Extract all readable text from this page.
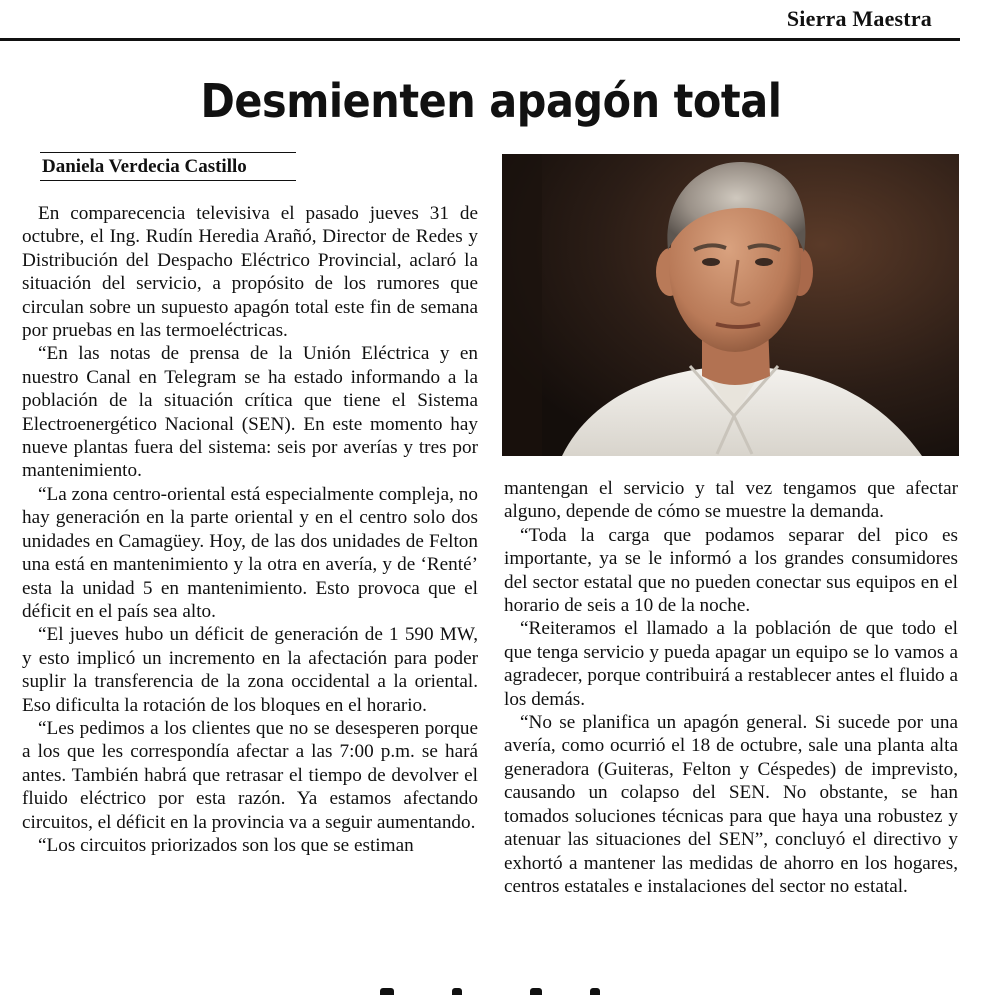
Sierra Maestra
Desmienten apagón total
Daniela Verdecia Castillo

En comparecencia televisiva el pasado jueves 31 de octubre, el Ing. Rudín Heredia Arañó, Director de Redes y Distribución del Despacho Eléctrico Provincial, aclaró la situación del servicio, a propósito de los rumores que circulan sobre un supuesto apagón total este fin de semana por pruebas en las termoeléctricas.

“En las notas de prensa de la Unión Eléctrica y en nuestro Canal en Telegram se ha estado informando a la población de la situación crítica que tiene el Sistema Electroenergético Nacional (SEN). En este momento hay nueve plantas fuera del sistema: seis por averías y tres por mantenimiento.

“La zona centro-oriental está especialmente compleja, no hay generación en la parte oriental y en el centro solo dos unidades en Camagüey. Hoy, de las dos unidades de Felton una está en mantenimiento y la otra en avería, y de ‘Renté’ esta la unidad 5 en mantenimiento. Esto provoca que el déficit en el país sea alto.

“El jueves hubo un déficit de generación de 1 590 MW, y esto implicó un incremento en la afectación para poder suplir la transferencia de la zona occidental a la oriental. Eso dificulta la rotación de los bloques en el horario.

“Les pedimos a los clientes que no se desesperen porque a los que les correspondía afectar a las 7:00 p.m. se hará antes. También habrá que retrasar el tiempo de devolver el fluido eléctrico por esta razón. Ya estamos afectando circuitos, el déficit en la provincia va a seguir aumentando.

“Los circuitos priorizados son los que se estiman

mantengan el servicio y tal vez tengamos que afectar alguno, depende de cómo se muestre la demanda.

“Toda la carga que podamos separar del pico es importante, ya se le informó a los grandes consumidores del sector estatal que no pueden conectar sus equipos en el horario de seis a 10 de la noche.

“Reiteramos el llamado a la población de que todo el que tenga servicio y pueda apagar un equipo se lo vamos a agradecer, porque contribuirá a restablecer antes el fluido a los demás.

“No se planifica un apagón general. Si sucede por una avería, como ocurrió el 18 de octubre, sale una planta alta generadora (Guiteras, Felton y Céspedes) de imprevisto, causando un colapso del SEN. No obstante, se han tomados soluciones técnicas para que haya una robustez y atenuar las situaciones del SEN”, concluyó el directivo y exhortó a mantener las medidas de ahorro en los hogares, centros estatales e instalaciones del sector no estatal.
